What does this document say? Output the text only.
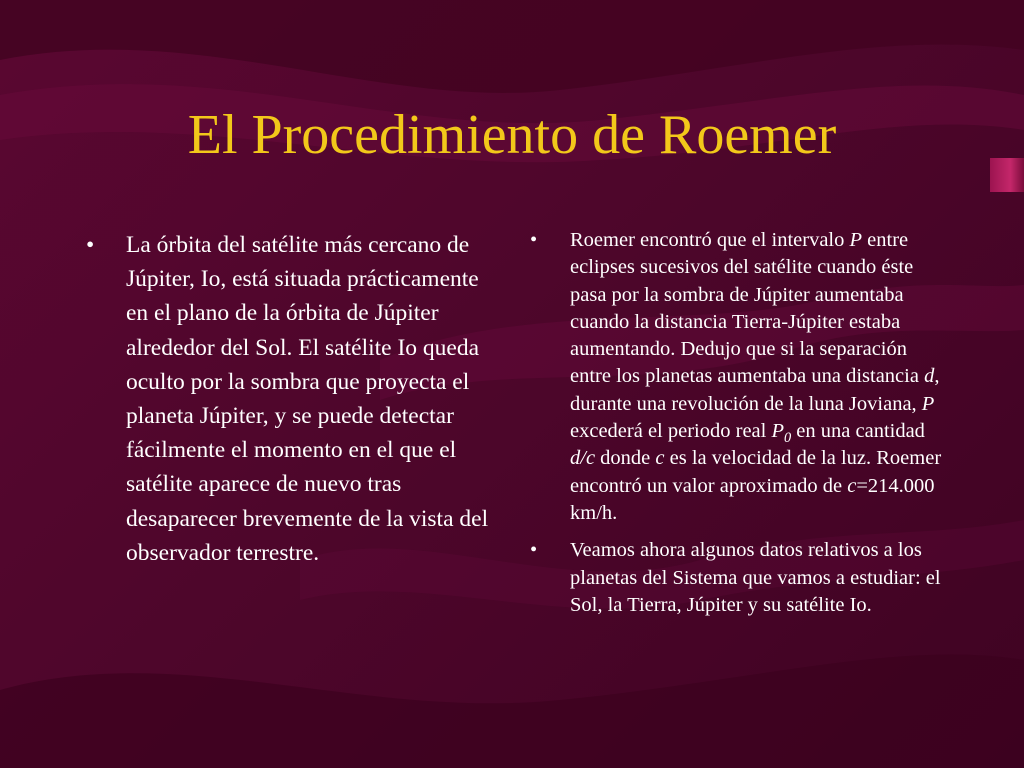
El Procedimiento de Roemer
• La órbita del satélite más cercano de Júpiter, Io, está situada prácticamente en el plano de la órbita de Júpiter alrededor del Sol. El satélite Io queda oculto por la sombra que proyecta el planeta Júpiter, y se puede detectar fácilmente el momento en el que el satélite aparece de nuevo tras desaparecer brevemente de la vista del observador terrestre.
• Roemer encontró que el intervalo P entre eclipses sucesivos del satélite cuando éste pasa por la sombra de Júpiter aumentaba cuando la distancia Tierra-Júpiter estaba aumentando. Dedujo que si la separación entre los planetas aumentaba una distancia d, durante una revolución de la luna Joviana, P excederá el periodo real $P_0$ en una cantidad d/c donde c es la velocidad de la luz. Roemer encontró un valor aproximado de c=214.000 km/h.
• Veamos ahora algunos datos relativos a los planetas del Sistema que vamos a estudiar: el Sol, la Tierra, Júpiter y su satélite Io.
